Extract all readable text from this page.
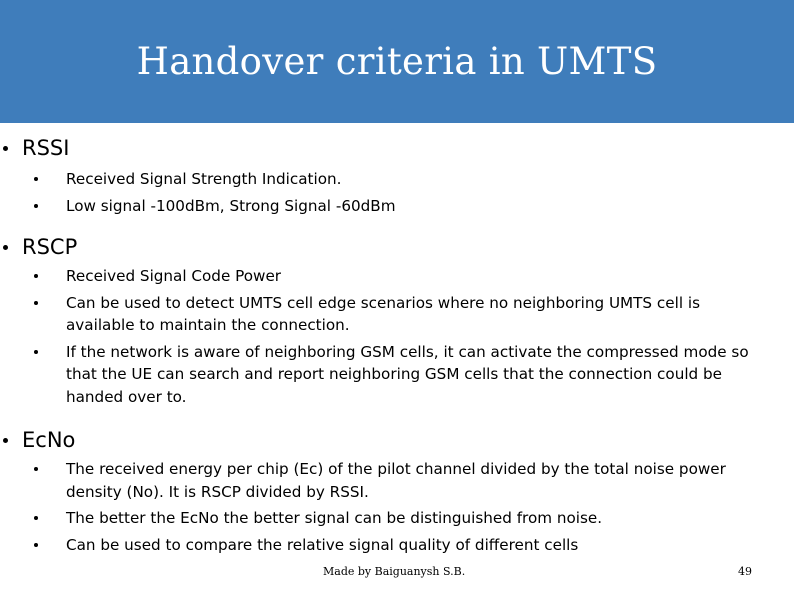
Handover criteria in UMTS
RSSI
Received Signal Strength Indication.
Low signal -100dBm, Strong Signal -60dBm
RSCP
Received Signal Code Power
Can be used to detect UMTS cell edge scenarios where no neighboring UMTS cell is available to maintain the connection.
If the network is aware of neighboring GSM cells, it can activate the compressed mode so that the UE can search and report neighboring GSM cells that the connection could be handed over to.
EcNo
The received energy per chip (Ec) of the pilot channel divided by the total noise power density (No). It is RSCP divided by RSSI.
The better the EcNo the better signal can be distinguished from noise.
Can be used to compare the relative signal quality of different cells
Made by Baiguanysh S.B.	49
